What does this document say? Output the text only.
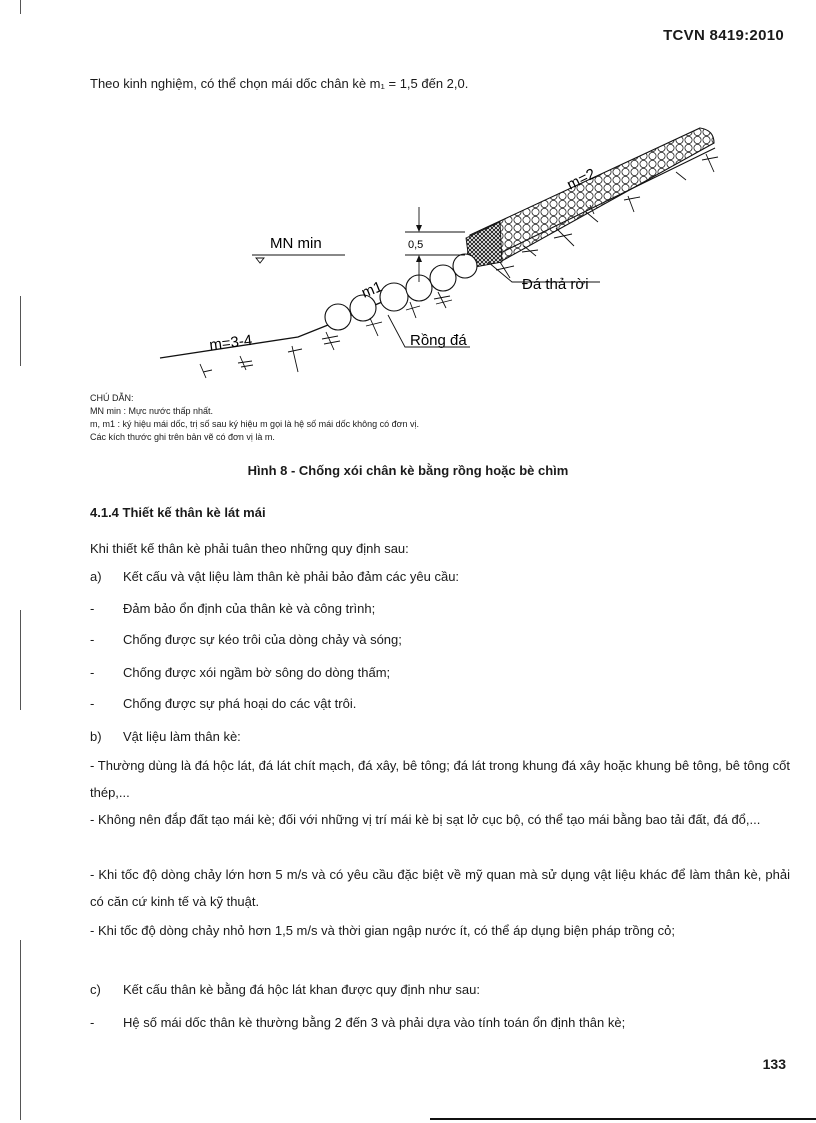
TCVN 8419:2010
Theo kinh nghiệm, có thể chọn mái dốc chân kè m₁ = 1,5 đến 2,0.
MN min	0,5
m=2
m1
m=3-4
Đá thả rời
Rồng đá
CHÚ DẪN:
MN min : Mực nước thấp nhất.
m, m1 : ký hiệu mái dốc, trị số sau ký hiệu m gọi là hệ số mái dốc không có đơn vị.
Các kích thước ghi trên bản vẽ có đơn vị là m.
Hình 8 - Chống xói chân kè bằng rồng hoặc bè chìm
4.1.4 Thiết kế thân kè lát mái
Khi thiết kế thân kè phải tuân theo những quy định sau:
a) Kết cấu và vật liệu làm thân kè phải bảo đảm các yêu cầu:
- Đảm bảo ổn định của thân kè và công trình;
- Chống được sự kéo trôi của dòng chảy và sóng;
- Chống được xói ngầm bờ sông do dòng thấm;
- Chống được sự phá hoại do các vật trôi.
b) Vật liệu làm thân kè:
- Thường dùng là đá hộc lát, đá lát chít mạch, đá xây, bê tông; đá lát trong khung đá xây hoặc khung bê tông, bê tông cốt thép,...
- Không nên đắp đất tạo mái kè; đối với những vị trí mái kè bị sạt lở cục bộ, có thể tạo mái bằng bao tải đất, đá đổ,...
- Khi tốc độ dòng chảy lớn hơn 5 m/s và có yêu cầu đặc biệt về mỹ quan mà sử dụng vật liệu khác để làm thân kè, phải có căn cứ kinh tế và kỹ thuật.
- Khi tốc độ dòng chảy nhỏ hơn 1,5 m/s và thời gian ngập nước ít, có thể áp dụng biện pháp trồng cỏ;
c) Kết cấu thân kè bằng đá hộc lát khan được quy định như sau:
- Hệ số mái dốc thân kè thường bằng 2 đến 3 và phải dựa vào tính toán ổn định thân kè;
133
